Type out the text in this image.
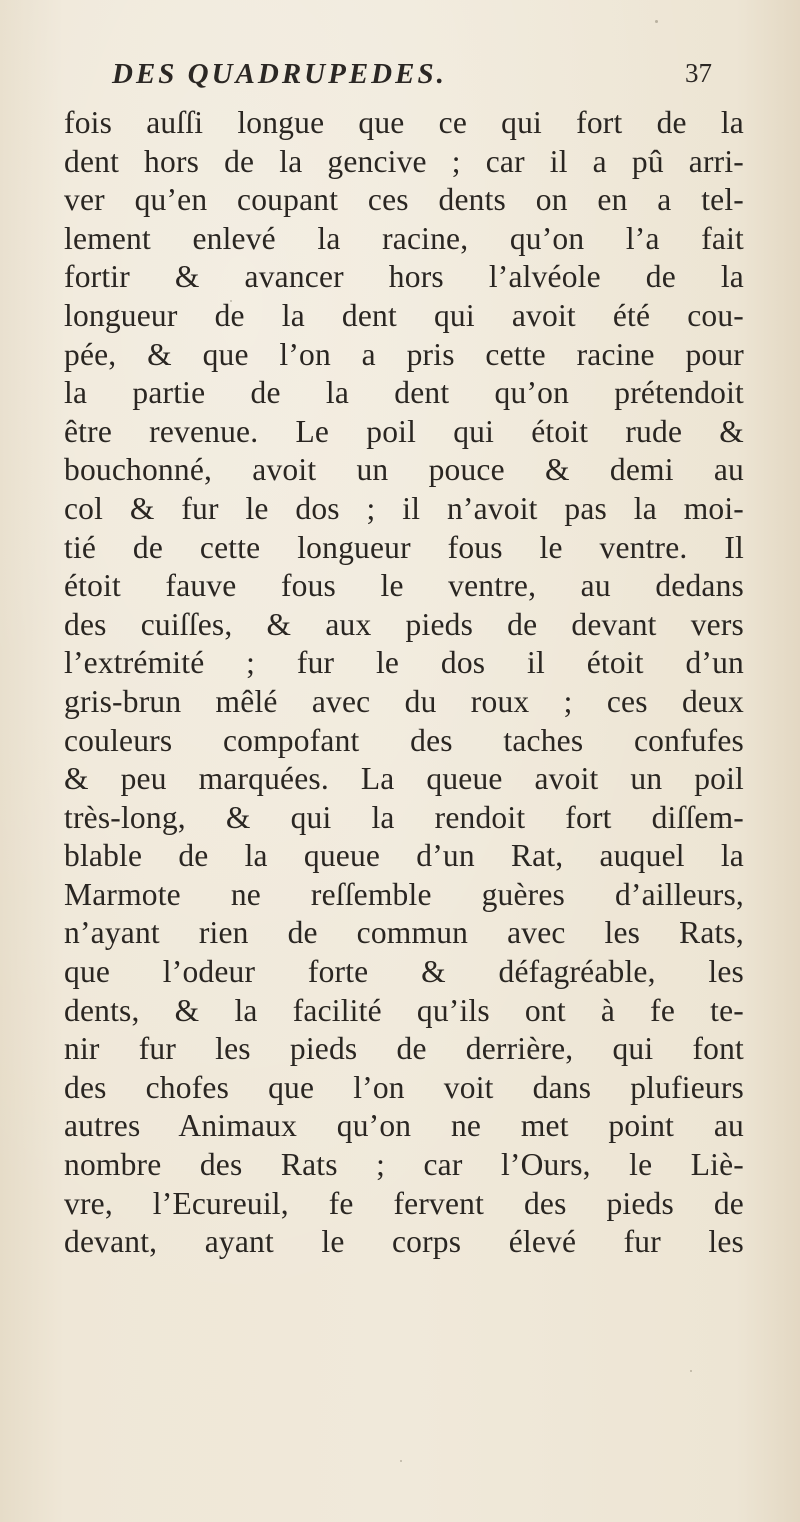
DES QUADRUPEDES.	37
fois auſſi longue que ce qui fort de la
dent hors de la gencive ; car il a pû arri-
ver qu’en coupant ces dents on en a tel-
lement enlevé la racine, qu’on l’a fait
fortir & avancer hors l’alvéole de la
longueur de la dent qui avoit été cou-
pée, & que l’on a pris cette racine pour
la partie de la dent qu’on prétendoit
être revenue. Le poil qui étoit rude &
bouchonné, avoit un pouce & demi au
col & fur le dos ; il n’avoit pas la moi-
tié de cette longueur fous le ventre. Il
étoit fauve fous le ventre, au dedans
des cuiſſes, & aux pieds de devant vers
l’extrémité ; fur le dos il étoit d’un
gris-brun mêlé avec du roux ; ces deux
couleurs compofant des taches confufes
& peu marquées. La queue avoit un poil
très-long, & qui la rendoit fort diſſem-
blable de la queue d’un Rat, auquel la
Marmote ne reſſemble guères d’ailleurs,
n’ayant rien de commun avec les Rats,
que l’odeur forte & défagréable, les
dents, & la facilité qu’ils ont à fe te-
nir fur les pieds de derrière, qui font
des chofes que l’on voit dans plufieurs
autres Animaux qu’on ne met point au
nombre des Rats ; car l’Ours, le Liè-
vre, l’Ecureuil, fe fervent des pieds de
devant, ayant le corps élevé fur les
